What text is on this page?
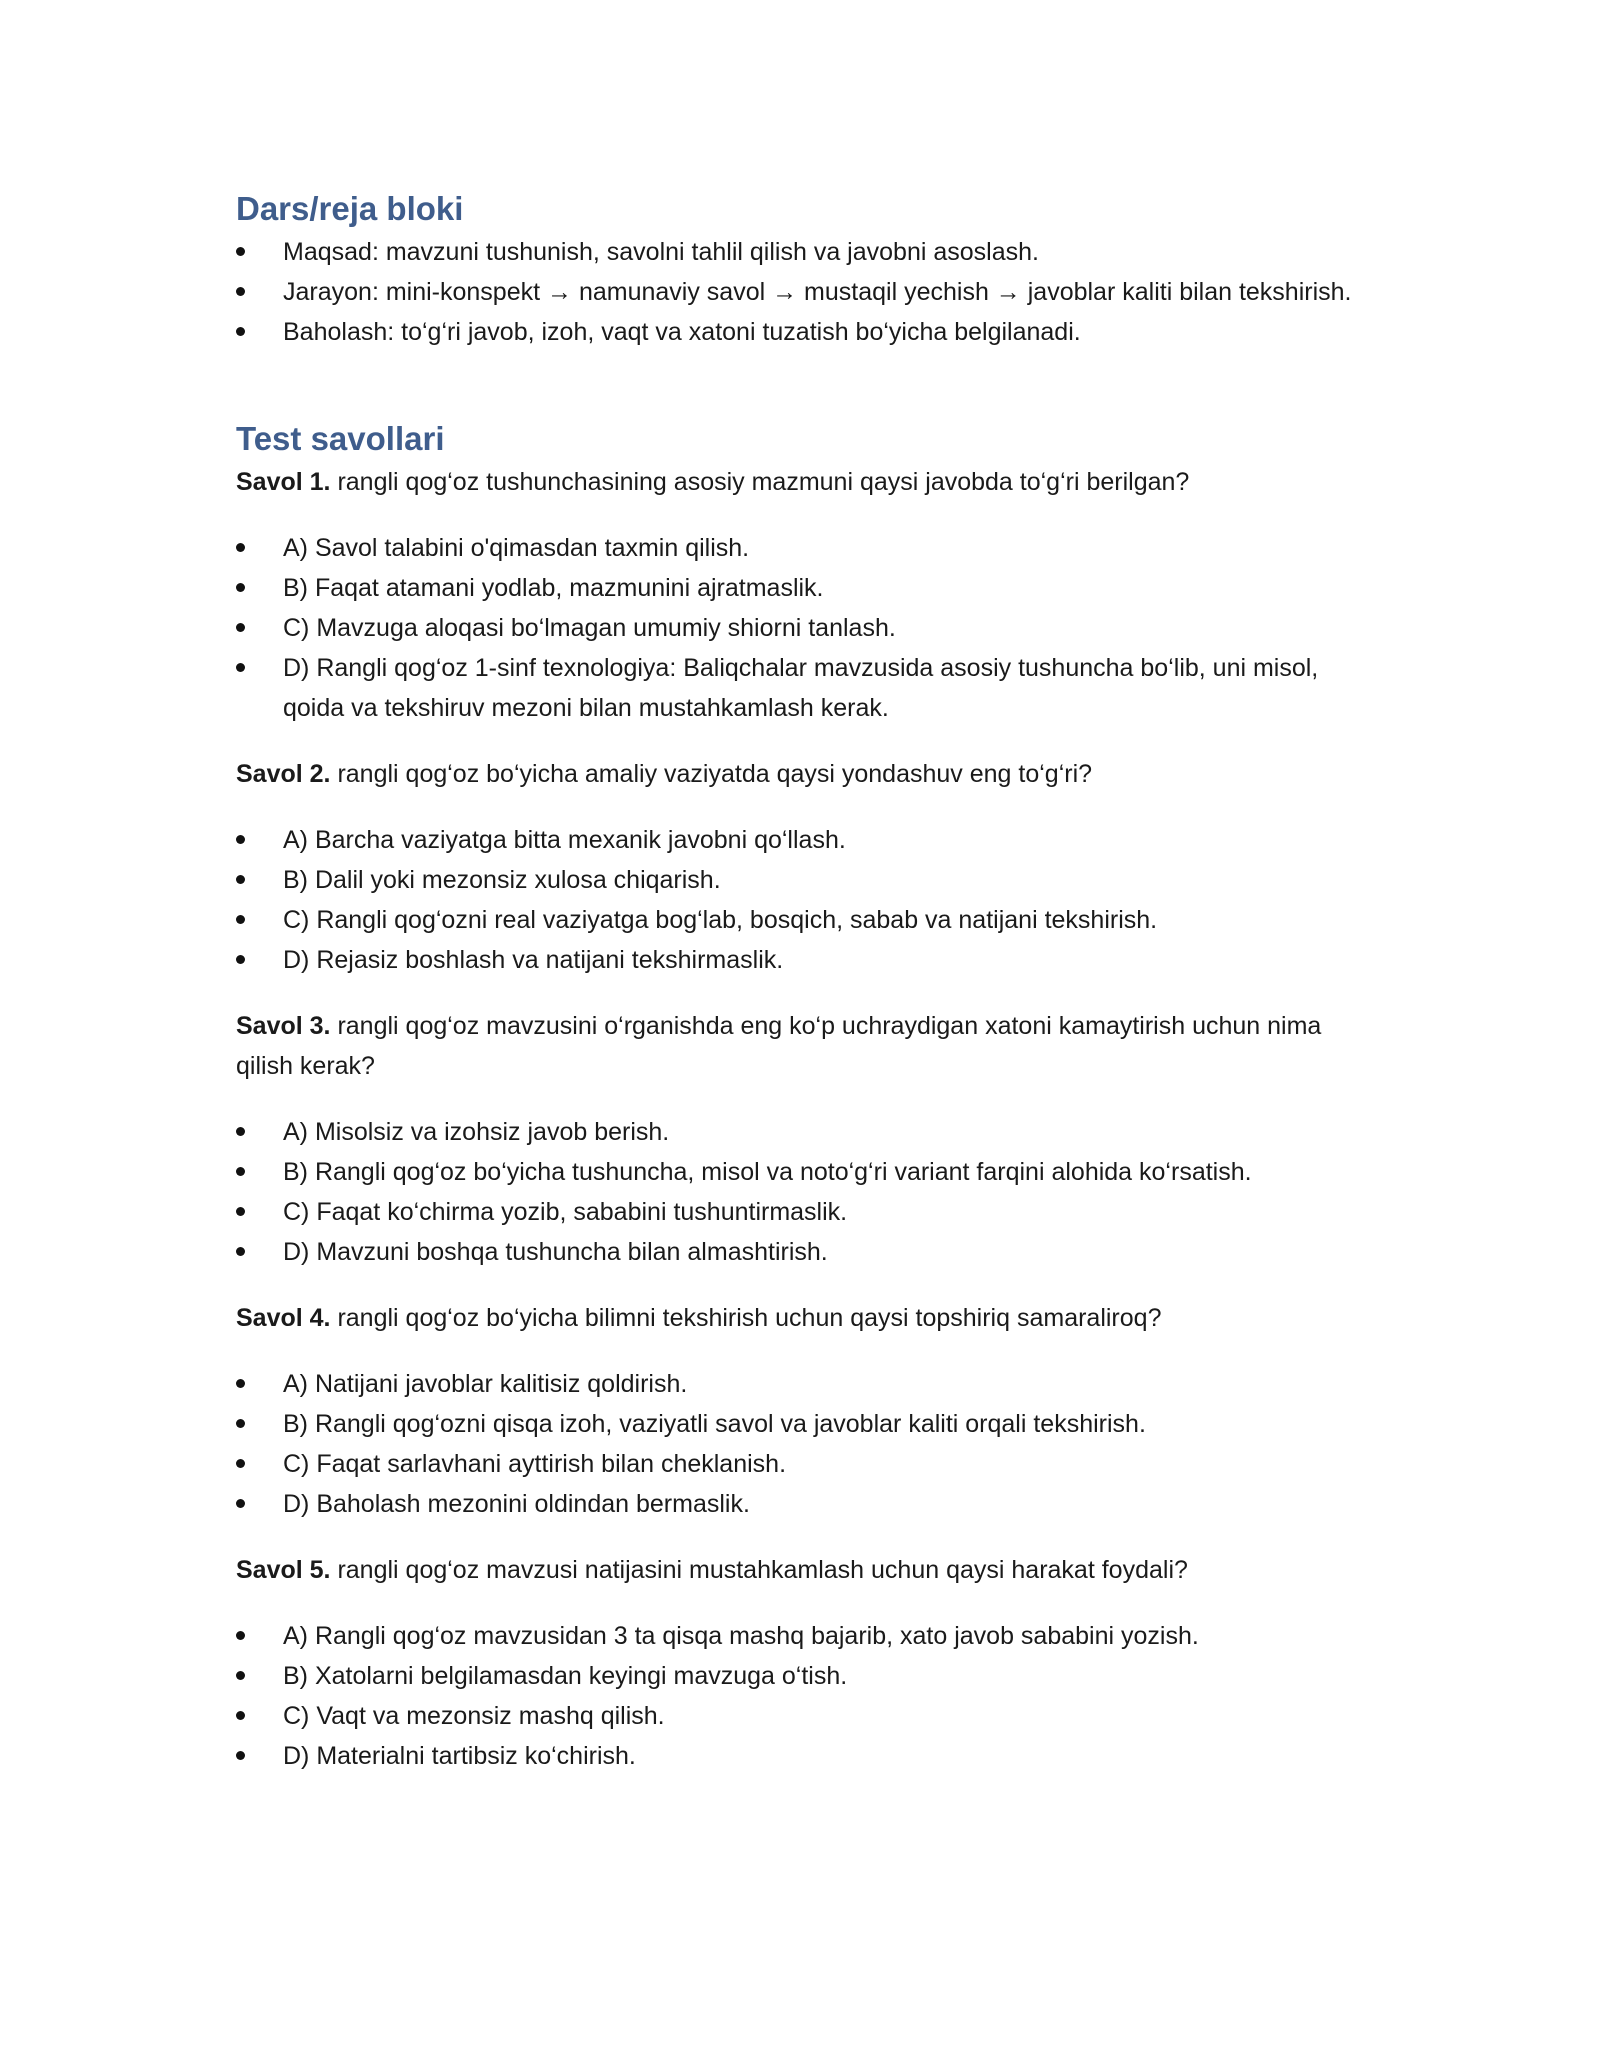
Dars/reja bloki
Maqsad: mavzuni tushunish, savolni tahlil qilish va javobni asoslash.
Jarayon: mini-konspekt → namunaviy savol → mustaqil yechish → javoblar kaliti bilan tekshirish.
Baholash: to‘g‘ri javob, izoh, vaqt va xatoni tuzatish bo‘yicha belgilanadi.
Test savollari

Savol 1. rangli qog‘oz tushunchasining asosiy mazmuni qaysi javobda to‘g‘ri berilgan?

A) Savol talabini o'qimasdan taxmin qilish.
B) Faqat atamani yodlab, mazmunini ajratmaslik.
C) Mavzuga aloqasi bo‘lmagan umumiy shiorni tanlash.
D) Rangli qog‘oz 1-sinf texnologiya: Baliqchalar mavzusida asosiy tushuncha bo‘lib, uni misol, qoida va tekshiruv mezoni bilan mustahkamlash kerak.

Savol 2. rangli qog‘oz bo‘yicha amaliy vaziyatda qaysi yondashuv eng to‘g‘ri?

A) Barcha vaziyatga bitta mexanik javobni qo‘llash.
B) Dalil yoki mezonsiz xulosa chiqarish.
C) Rangli qog‘ozni real vaziyatga bog‘lab, bosqich, sabab va natijani tekshirish.
D) Rejasiz boshlash va natijani tekshirmaslik.

Savol 3. rangli qog‘oz mavzusini o‘rganishda eng ko‘p uchraydigan xatoni kamaytirish uchun nima qilish kerak?

A) Misolsiz va izohsiz javob berish.
B) Rangli qog‘oz bo‘yicha tushuncha, misol va noto‘g‘ri variant farqini alohida ko‘rsatish.
C) Faqat ko‘chirma yozib, sababini tushuntirmaslik.
D) Mavzuni boshqa tushuncha bilan almashtirish.

Savol 4. rangli qog‘oz bo‘yicha bilimni tekshirish uchun qaysi topshiriq samaraliroq?

A) Natijani javoblar kalitisiz qoldirish.
B) Rangli qog‘ozni qisqa izoh, vaziyatli savol va javoblar kaliti orqali tekshirish.
C) Faqat sarlavhani ayttirish bilan cheklanish.
D) Baholash mezonini oldindan bermaslik.

Savol 5. rangli qog‘oz mavzusi natijasini mustahkamlash uchun qaysi harakat foydali?

A) Rangli qog‘oz mavzusidan 3 ta qisqa mashq bajarib, xato javob sababini yozish.
B) Xatolarni belgilamasdan keyingi mavzuga o‘tish.
C) Vaqt va mezonsiz mashq qilish.
D) Materialni tartibsiz ko‘chirish.
